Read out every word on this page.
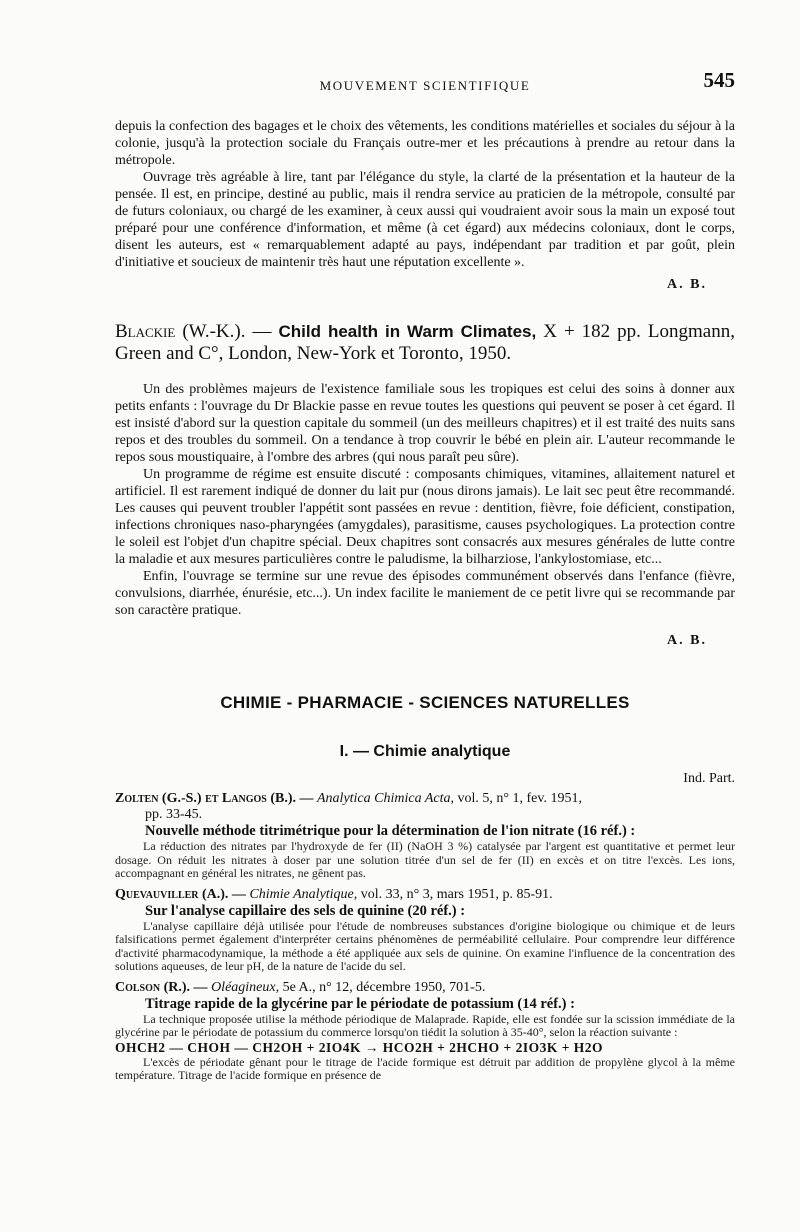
MOUVEMENT SCIENTIFIQUE	545

depuis la confection des bagages et le choix des vêtements, les conditions matérielles et sociales du séjour à la colonie, jusqu'à la protection sociale du Français outre-mer et les précautions à prendre au retour dans la métropole.

Ouvrage très agréable à lire, tant par l'élégance du style, la clarté de la présentation et la hauteur de la pensée. Il est, en principe, destiné au public, mais il rendra service au praticien de la métropole, consulté par de futurs coloniaux, ou chargé de les examiner, à ceux aussi qui voudraient avoir sous la main un exposé tout préparé pour une conférence d'information, et même (à cet égard) aux médecins coloniaux, dont le corps, disent les auteurs, est « remarquablement adapté au pays, indépendant par tradition et par goût, plein d'initiative et soucieux de maintenir très haut une réputation excellente ».

A. B.

Blackie (W.-K.). — Child health in Warm Climates, X + 182 pp. Longmann, Green and C°, London, New-York et Toronto, 1950.

Un des problèmes majeurs de l'existence familiale sous les tropiques est celui des soins à donner aux petits enfants : l'ouvrage du Dr Blackie passe en revue toutes les questions qui peuvent se poser à cet égard. Il est insisté d'abord sur la question capitale du sommeil (un des meilleurs chapitres) et il est traité des nuits sans repos et des troubles du sommeil. On a tendance à trop couvrir le bébé en plein air. L'auteur recommande le repos sous moustiquaire, à l'ombre des arbres (qui nous paraît peu sûre).

Un programme de régime est ensuite discuté : composants chimiques, vitamines, allaitement naturel et artificiel. Il est rarement indiqué de donner du lait pur (nous dirons jamais). Le lait sec peut être recommandé. Les causes qui peuvent troubler l'appétit sont passées en revue : dentition, fièvre, foie déficient, constipation, infections chroniques naso-pharyngées (amygdales), parasitisme, causes psychologiques. La protection contre le soleil est l'objet d'un chapitre spécial. Deux chapitres sont consacrés aux mesures générales de lutte contre la maladie et aux mesures particulières contre le paludisme, la bilharziose, l'ankylostomiase, etc...

Enfin, l'ouvrage se termine sur une revue des épisodes communément observés dans l'enfance (fièvre, convulsions, diarrhée, énurésie, etc...). Un index facilite le maniement de ce petit livre qui se recommande par son caractère pratique.

A. B.

CHIMIE - PHARMACIE - SCIENCES NATURELLES
I. — Chimie analytique
Ind. Part.
Zolten (G.-S.) et Langos (B.). — Analytica Chimica Acta, vol. 5, n° 1, fev. 1951,
pp. 33-45.
Nouvelle méthode titrimétrique pour la détermination de l'ion nitrate (16 réf.) :

La réduction des nitrates par l'hydroxyde de fer (II) (NaOH 3 %) catalysée par l'argent est quantitative et permet leur dosage. On réduit les nitrates à doser par une solution titrée d'un sel de fer (II) en excès et on titre l'excès. Les ions, accompagnant en général les nitrates, ne gênent pas.

Quevauviller (A.). — Chimie Analytique, vol. 33, n° 3, mars 1951, p. 85-91.
Sur l'analyse capillaire des sels de quinine (20 réf.) :

L'analyse capillaire déjà utilisée pour l'étude de nombreuses substances d'origine biologique ou chimique et de leurs falsifications permet également d'interpréter certains phénomènes de perméabilité cellulaire. Pour comprendre leur différence d'activité pharmacodynamique, la méthode a été appliquée aux sels de quinine. On examine l'influence de la concentration des solutions aqueuses, de leur pH, de la nature de l'acide du sel.

Colson (R.). — Oléagineux, 5e A., n° 12, décembre 1950, 701-5.
Titrage rapide de la glycérine par le périodate de potassium (14 réf.) :

La technique proposée utilise la méthode périodique de Malaprade. Rapide, elle est fondée sur la scission immédiate de la glycérine par le périodate de potassium du commerce lorsqu'on tiédit la solution à 35-40°, selon la réaction suivante :

OHCH2 — CHOH — CH2OH + 2IO4K → HCO2H + 2HCHO + 2IO3K + H2O

L'excès de périodate gênant pour le titrage de l'acide formique est détruit par addition de propylène glycol à la même température. Titrage de l'acide formique en présence de
